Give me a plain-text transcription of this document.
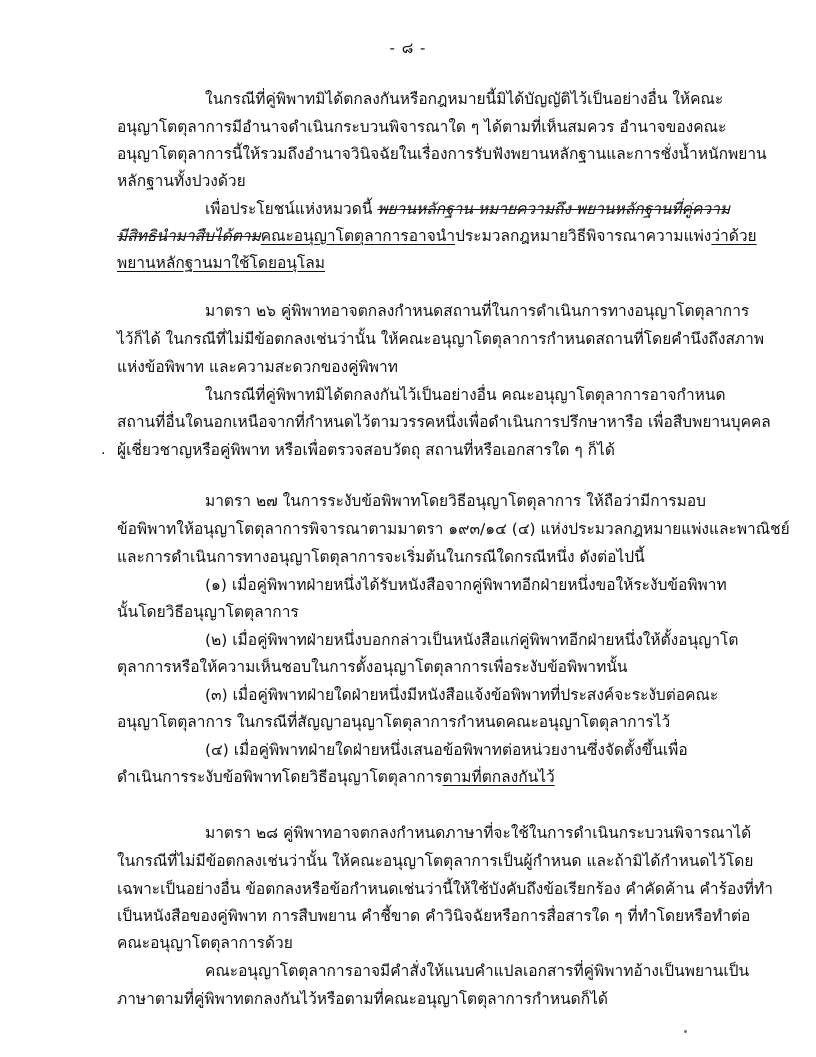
- ๘ -
ในกรณีที่คู่พิพาทมิได้ตกลงกันหรือกฎหมายนี้มิได้บัญญัติไว้เป็นอย่างอื่น ให้คณะ
อนุญาโตตุลาการมีอำนาจดำเนินกระบวนพิจารณาใด ๆ ได้ตามที่เห็นสมควร อำนาจของคณะ
อนุญาโตตุลาการนี้ให้รวมถึงอำนาจวินิจฉัยในเรื่องการรับฟังพยานหลักฐานและการชั่งน้ำหนักพยาน
หลักฐานทั้งปวงด้วย
เพื่อประโยชน์แห่งหมวดนี้ พยานหลักฐาน หมายความถึง พยานหลักฐานที่คู่ความ
มีสิทธินำมาสืบได้ตามคณะอนุญาโตตุลาการอาจนำประมวลกฎหมายวิธีพิจารณาความแพ่งว่าด้วย
พยานหลักฐานมาใช้โดยอนุโลม
มาตรา ๒๖ คู่พิพาทอาจตกลงกำหนดสถานที่ในการดำเนินการทางอนุญาโตตุลาการ
ไว้ก็ได้ ในกรณีที่ไม่มีข้อตกลงเช่นว่านั้น ให้คณะอนุญาโตตุลาการกำหนดสถานที่โดยคำนึงถึงสภาพ
แห่งข้อพิพาท และความสะดวกของคู่พิพาท
ในกรณีที่คู่พิพาทมิได้ตกลงกันไว้เป็นอย่างอื่น คณะอนุญาโตตุลาการอาจกำหนด
สถานที่อื่นใดนอกเหนือจากที่กำหนดไว้ตามวรรคหนึ่งเพื่อดำเนินการปรึกษาหารือ เพื่อสืบพยานบุคคล
. ผู้เชี่ยวชาญหรือคู่พิพาท หรือเพื่อตรวจสอบวัตถุ สถานที่หรือเอกสารใด ๆ ก็ได้
มาตรา ๒๗ ในการระงับข้อพิพาทโดยวิธีอนุญาโตตุลาการ ให้ถือว่ามีการมอบ
ข้อพิพาทให้อนุญาโตตุลาการพิจารณาตามมาตรา ๑๙๓/๑๔ (๔) แห่งประมวลกฎหมายแพ่งและพาณิชย์
และการดำเนินการทางอนุญาโตตุลาการจะเริ่มต้นในกรณีใดกรณีหนึ่ง ดังต่อไปนี้
(๑) เมื่อคู่พิพาทฝ่ายหนึ่งได้รับหนังสือจากคู่พิพาทอีกฝ่ายหนึ่งขอให้ระงับข้อพิพาท
นั้นโดยวิธีอนุญาโตตุลาการ
(๒) เมื่อคู่พิพาทฝ่ายหนึ่งบอกกล่าวเป็นหนังสือแก่คู่พิพาทอีกฝ่ายหนึ่งให้ตั้งอนุญาโต
ตุลาการหรือให้ความเห็นชอบในการตั้งอนุญาโตตุลาการเพื่อระงับข้อพิพาทนั้น
(๓) เมื่อคู่พิพาทฝ่ายใดฝ่ายหนึ่งมีหนังสือแจ้งข้อพิพาทที่ประสงค์จะระงับต่อคณะ
อนุญาโตตุลาการ ในกรณีที่สัญญาอนุญาโตตุลาการกำหนดคณะอนุญาโตตุลาการไว้
(๔) เมื่อคู่พิพาทฝ่ายใดฝ่ายหนึ่งเสนอข้อพิพาทต่อหน่วยงานซึ่งจัดตั้งขึ้นเพื่อ
ดำเนินการระงับข้อพิพาทโดยวิธีอนุญาโตตุลาการตามที่ตกลงกันไว้
มาตรา ๒๘ คู่พิพาทอาจตกลงกำหนดภาษาที่จะใช้ในการดำเนินกระบวนพิจารณาได้
ในกรณีที่ไม่มีข้อตกลงเช่นว่านั้น ให้คณะอนุญาโตตุลาการเป็นผู้กำหนด และถ้ามิได้กำหนดไว้โดย
เฉพาะเป็นอย่างอื่น ข้อตกลงหรือข้อกำหนดเช่นว่านี้ให้ใช้บังคับถึงข้อเรียกร้อง คำคัดค้าน คำร้องที่ทำ
เป็นหนังสือของคู่พิพาท การสืบพยาน คำชี้ขาด คำวินิจฉัยหรือการสื่อสารใด ๆ ที่ทำโดยหรือทำต่อ
คณะอนุญาโตตุลาการด้วย
คณะอนุญาโตตุลาการอาจมีคำสั่งให้แนบคำแปลเอกสารที่คู่พิพาทอ้างเป็นพยานเป็น
ภาษาตามที่คู่พิพาทตกลงกันไว้หรือตามที่คณะอนุญาโตตุลาการกำหนดก็ได้
